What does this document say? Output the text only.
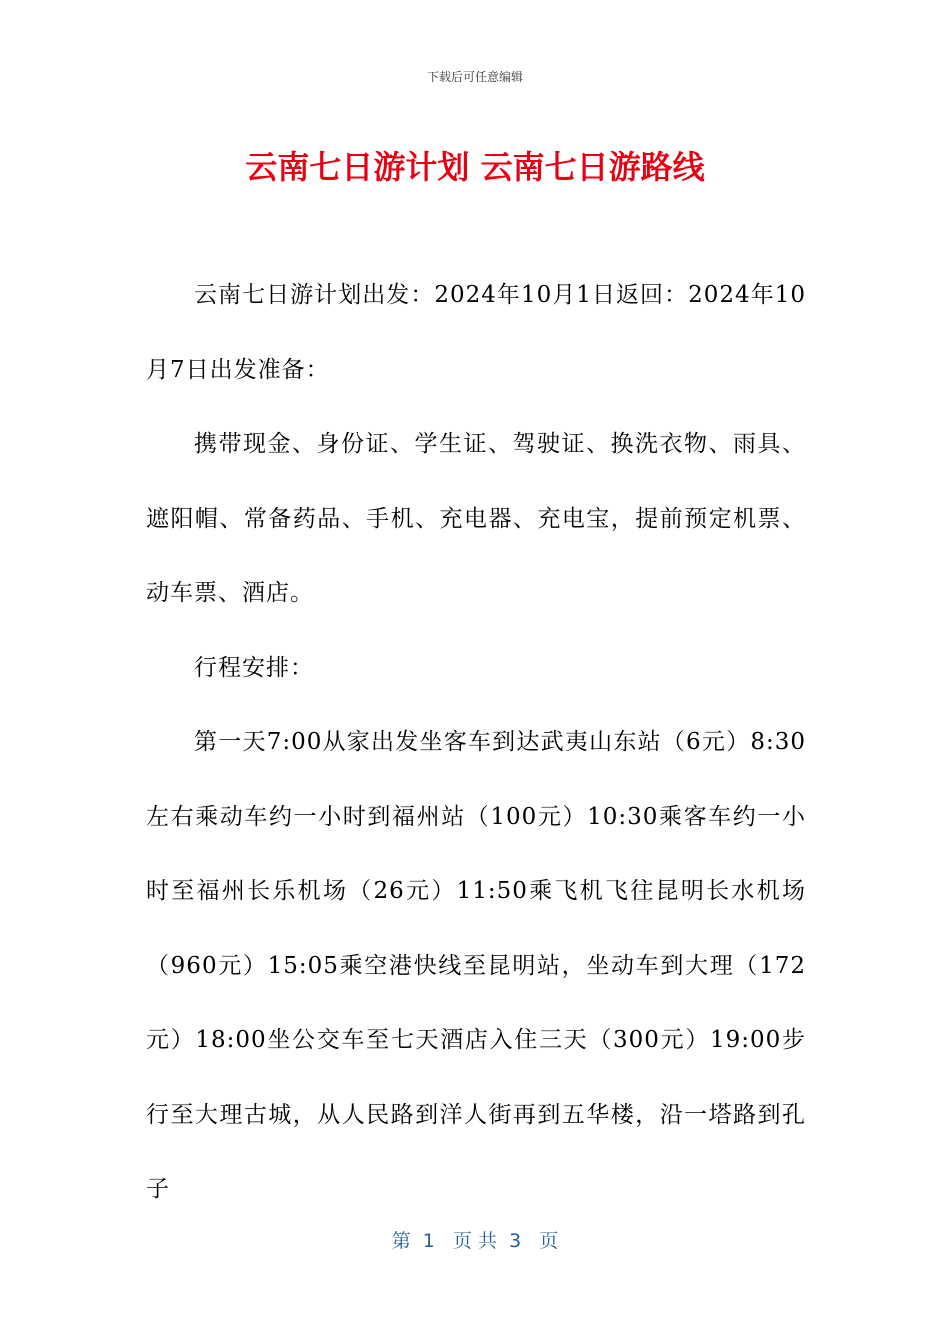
下载后可任意编辑
云南七日游计划 云南七日游路线

云南七日游计划出发：2024年10月1日返回：2024年10月7日出发准备：

携带现金、身份证、学生证、驾驶证、换洗衣物、雨具、遮阳帽、常备药品、手机、充电器、充电宝，提前预定机票、动车票、酒店。

行程安排：

第一天7:00从家出发坐客车到达武夷山东站（6元）8:30左右乘动车约一小时到福州站（100元）10:30乘客车约一小时至福州长乐机场（26元）11:50乘飞机飞往昆明长水机场（960元）15:05乘空港快线至昆明站，坐动车到大理（172元）18:00坐公交车至七天酒店入住三天（300元）19:00步行至大理古城，从人民路到洋人街再到五华楼，沿一塔路到孔子

第  1   页 共  3   页
